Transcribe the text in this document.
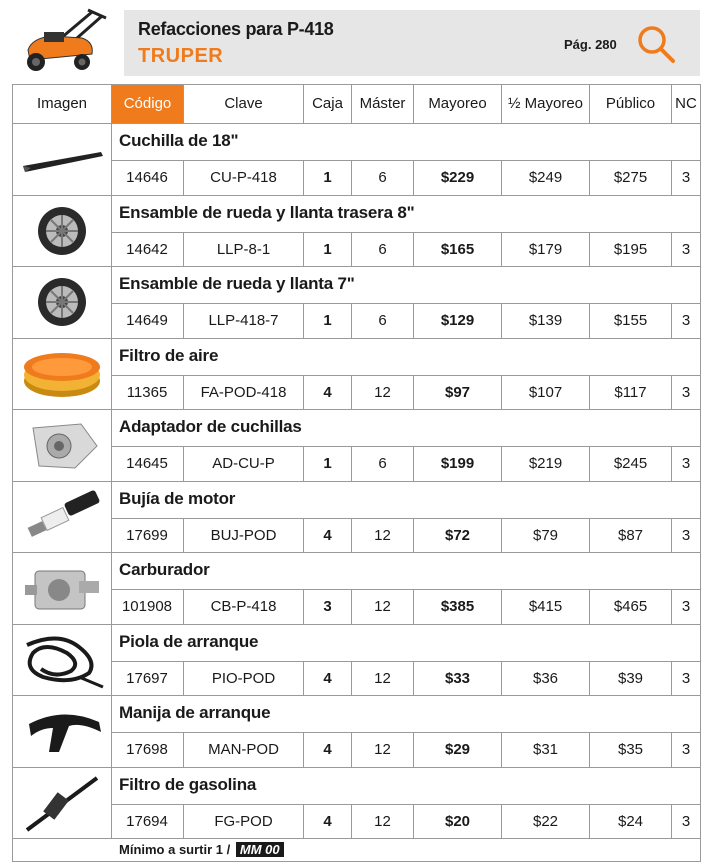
Refacciones para P-418
TRUPER
Pág. 280
Imagen	Código	Clave	Caja	Máster	Mayoreo	½ Mayoreo	Público	NC
Cuchilla de 18"
14646	CU-P-418	1	6	$229	$249	$275	3
Ensamble de rueda y llanta trasera 8"
14642	LLP-8-1	1	6	$165	$179	$195	3
Ensamble de rueda y llanta 7"
14649	LLP-418-7	1	6	$129	$139	$155	3
Filtro de aire
11365	FA-POD-418	4	12	$97	$107	$117	3
Adaptador de cuchillas
14645	AD-CU-P	1	6	$199	$219	$245	3
Bujía de motor
17699	BUJ-POD	4	12	$72	$79	$87	3
Carburador
101908	CB-P-418	3	12	$385	$415	$465	3
Piola de arranque
17697	PIO-POD	4	12	$33	$36	$39	3
Manija de arranque
17698	MAN-POD	4	12	$29	$31	$35	3
Filtro de gasolina
17694	FG-POD	4	12	$20	$22	$24	3
Mínimo a surtir 1 / MM 00
